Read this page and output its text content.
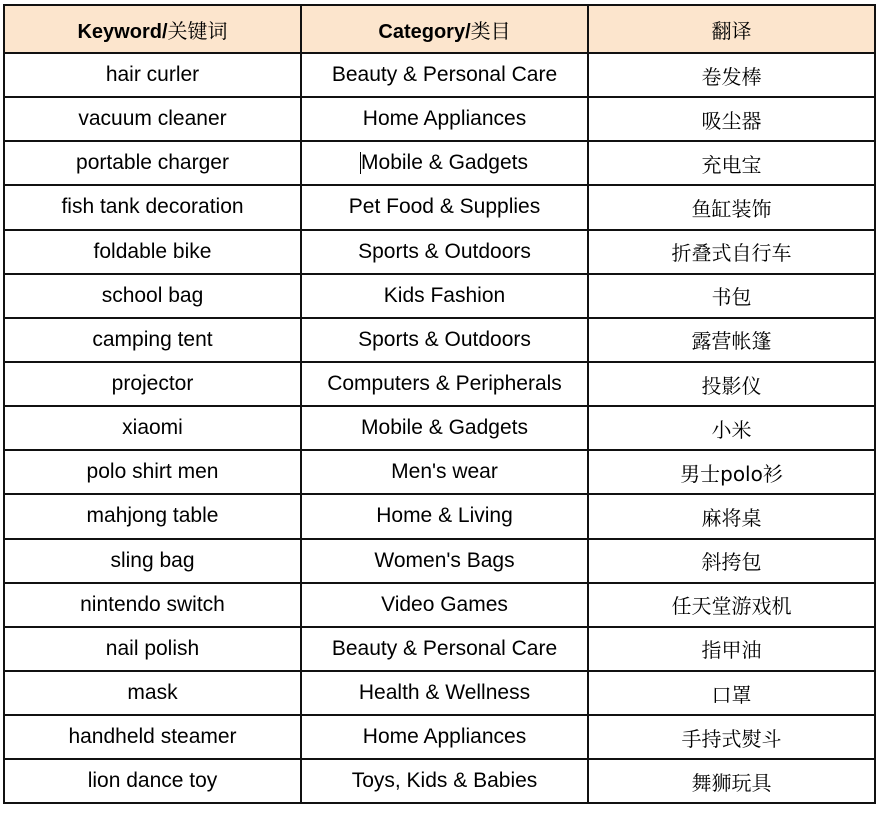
Keyword/关键词	Category/类目	翻译
hair curler	Beauty & Personal Care	卷发棒
vacuum cleaner	Home Appliances	吸尘器
portable charger	Mobile & Gadgets	充电宝
fish tank decoration	Pet Food & Supplies	鱼缸装饰
foldable bike	Sports & Outdoors	折叠式自行车
school bag	Kids Fashion	书包
camping tent	Sports & Outdoors	露营帐篷
projector	Computers & Peripherals	投影仪
xiaomi	Mobile & Gadgets	小米
polo shirt men	Men's wear	男士polo衫
mahjong table	Home & Living	麻将桌
sling bag	Women's Bags	斜挎包
nintendo switch	Video Games	任天堂游戏机
nail polish	Beauty & Personal Care	指甲油
mask	Health & Wellness	口罩
handheld steamer	Home Appliances	手持式熨斗
lion dance toy	Toys, Kids & Babies	舞狮玩具
